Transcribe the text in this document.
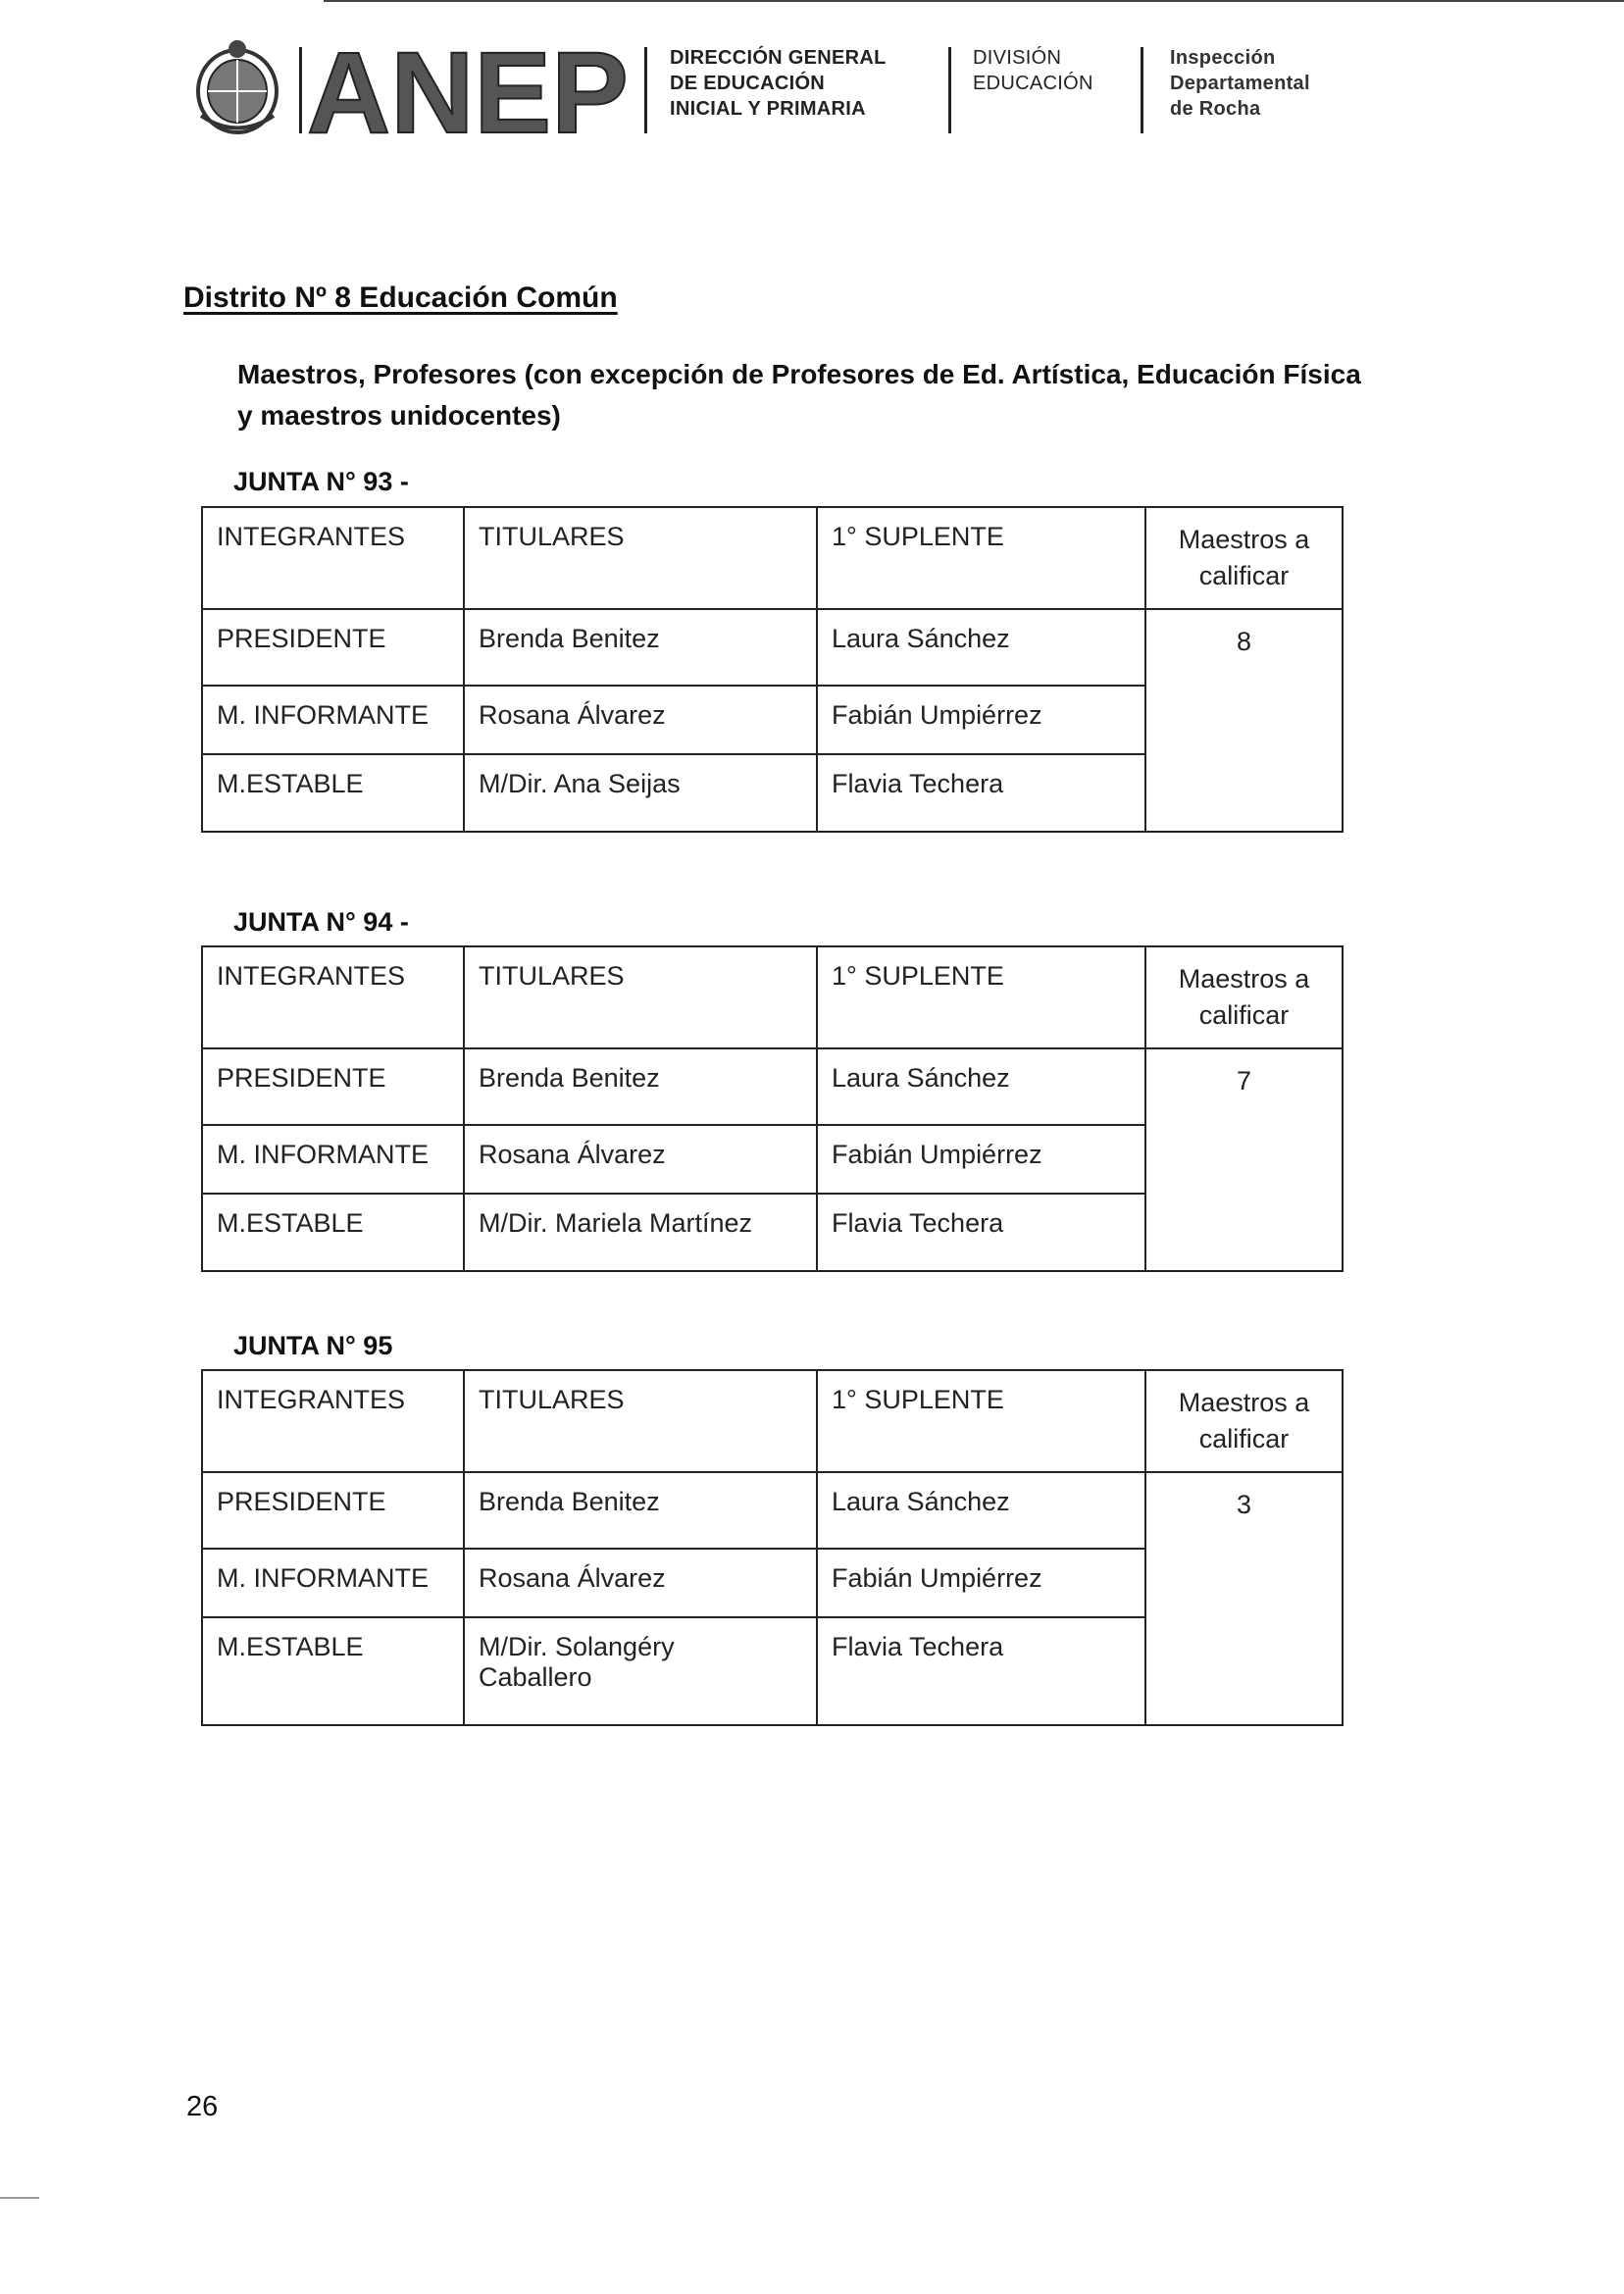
ANEP DIRECCIÓN GENERAL
DE EDUCACIÓN
INICIAL Y PRIMARIA
DIVISIÓN
EDUCACIÓN
Inspección
Departamental
de Rocha
Distrito Nº 8 Educación Común
Maestros, Profesores (con excepción de Profesores de Ed. Artística, Educación Física y maestros unidocentes)
JUNTA N° 93 -
INTEGRANTES	TITULARES	1° SUPLENTE	Maestros a calificar
PRESIDENTE	Brenda Benitez	Laura Sánchez	8
M. INFORMANTE	Rosana Álvarez	Fabián Umpiérrez	
M.ESTABLE	M/Dir. Ana Seijas	Flavia Techera	
JUNTA N° 94 -
INTEGRANTES	TITULARES	1° SUPLENTE	Maestros a calificar
PRESIDENTE	Brenda Benitez	Laura Sánchez	7
M. INFORMANTE	Rosana Álvarez	Fabián Umpiérrez	
M.ESTABLE	M/Dir. Mariela Martínez	Flavia Techera	
JUNTA N° 95
INTEGRANTES	TITULARES	1° SUPLENTE	Maestros a calificar
PRESIDENTE	Brenda Benitez	Laura Sánchez	3
M. INFORMANTE	Rosana Álvarez	Fabián Umpiérrez	
M.ESTABLE	M/Dir. Solangéry Caballero	Flavia Techera	
26
